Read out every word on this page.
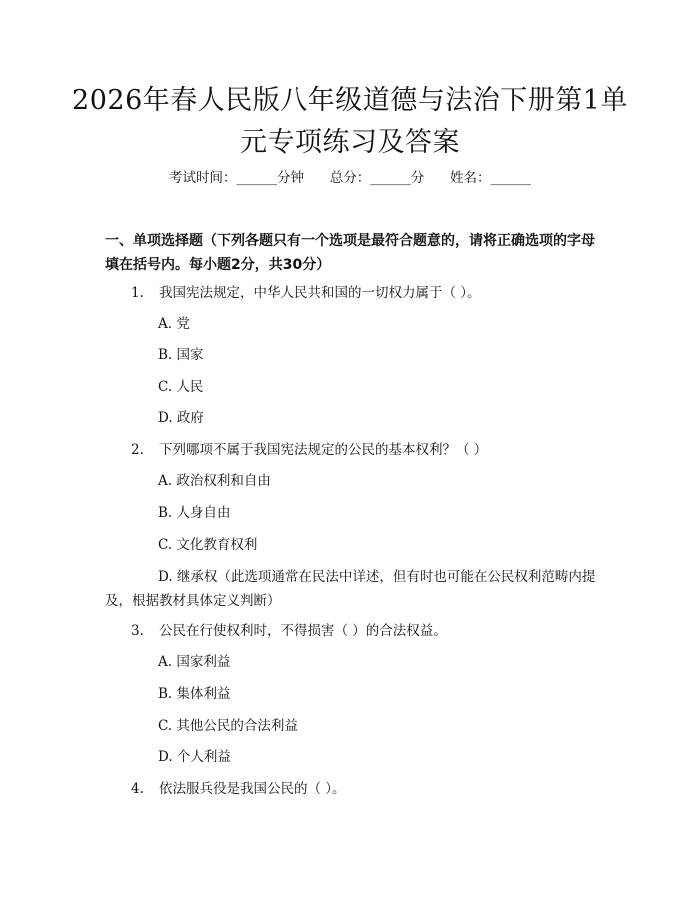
2026年春人民版八年级道德与法治下册第1单元专项练习及答案
考试时间：______分钟      总分：______分      姓名：______
一、单项选择题（下列各题只有一个选项是最符合题意的，请将正确选项的字母填在括号内。每小题2分，共30分）
1. 我国宪法规定，中华人民共和国的一切权力属于（ ）。
A. 党
B. 国家
C. 人民
D. 政府
2. 下列哪项不属于我国宪法规定的公民的基本权利？（ ）
A. 政治权利和自由
B. 人身自由
C. 文化教育权利
D. 继承权（此选项通常在民法中详述，但有时也可能在公民权利范畴内提及，根据教材具体定义判断）
3. 公民在行使权利时，不得损害（ ）的合法权益。
A. 国家利益
B. 集体利益
C. 其他公民的合法利益
D. 个人利益
4. 依法服兵役是我国公民的（ ）。
